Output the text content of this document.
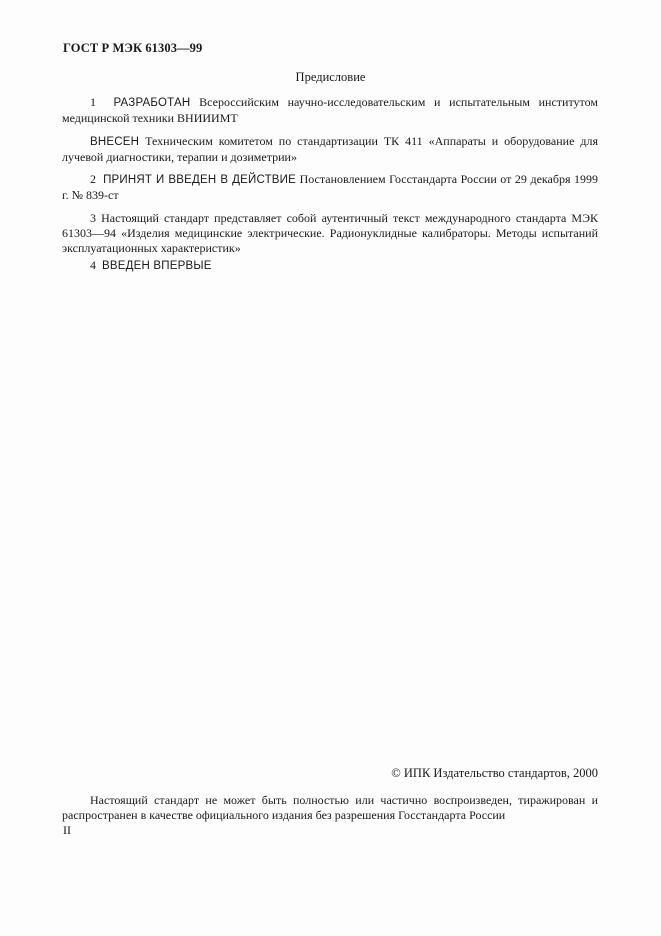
ГОСТ Р МЭК 61303—99
Предисловие
1 РАЗРАБОТАН Всероссийским научно-исследовательским и испытательным институтом медицинской техники ВНИИИМТ
ВНЕСЕН Техническим комитетом по стандартизации ТК 411 «Аппараты и оборудование для лучевой диагностики, терапии и дозиметрии»
2 ПРИНЯТ И ВВЕДЕН В ДЕЙСТВИЕ Постановлением Госстандарта России от 29 декабря 1999 г. № 839-ст
3 Настоящий стандарт представляет собой аутентичный текст международного стандарта МЭК 61303—94 «Изделия медицинские электрические. Радионуклидные калибраторы. Методы испытаний эксплуатационных характеристик»
4 ВВЕДЕН ВПЕРВЫЕ
© ИПК Издательство стандартов, 2000
Настоящий стандарт не может быть полностью или частично воспроизведен, тиражирован и распространен в качестве официального издания без разрешения Госстандарта России
II
